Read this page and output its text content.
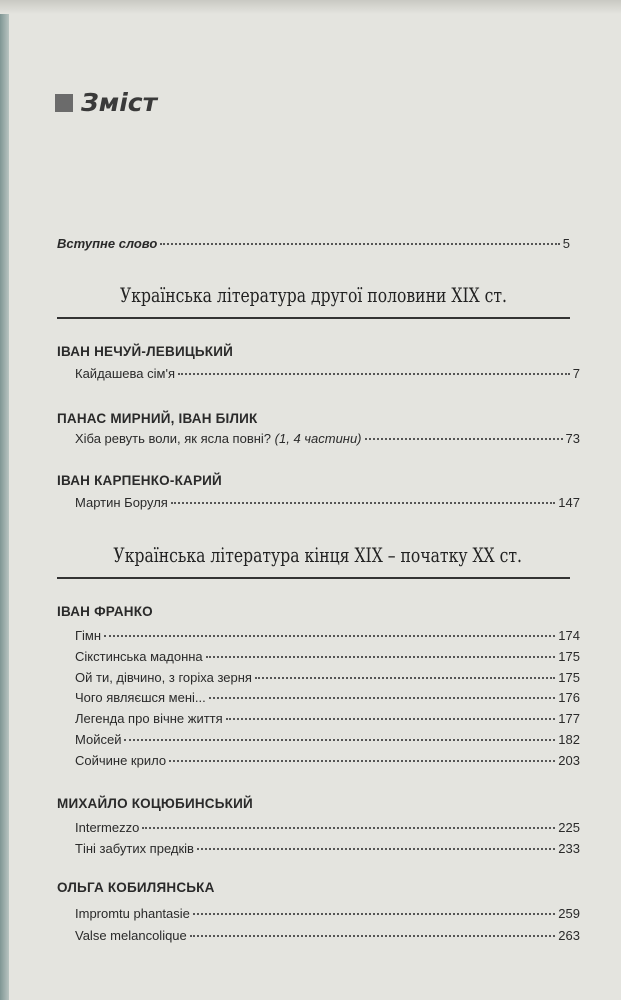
Зміст
Вступне слово	5
Українська література другої половини XIX ст.
ІВАН НЕЧУЙ-ЛЕВИЦЬКИЙ
Кайдашева сім'я	7
ПАНАС МИРНИЙ, ІВАН БІЛИК
Хіба ревуть воли, як ясла повні? (1, 4 частини)	73
ІВАН КАРПЕНКО-КАРИЙ
Мартин Боруля	147
Українська література кінця XIX – початку XX ст.
ІВАН ФРАНКО
МИХАЙЛО КОЦЮБИНСЬКИЙ
ОЛЬГА КОБИЛЯНСЬКА
Гімн	174
Сікстинська мадонна	175
Ой ти, дівчино, з горіха зерня	175
Чого являєшся мені...	176
Легенда про вічне життя	177
Мойсей	182
Сойчине крило	203
Intermezzo	225
Тіні забутих предків	233
Impromtu phantasie	259
Valse melancolique	263
